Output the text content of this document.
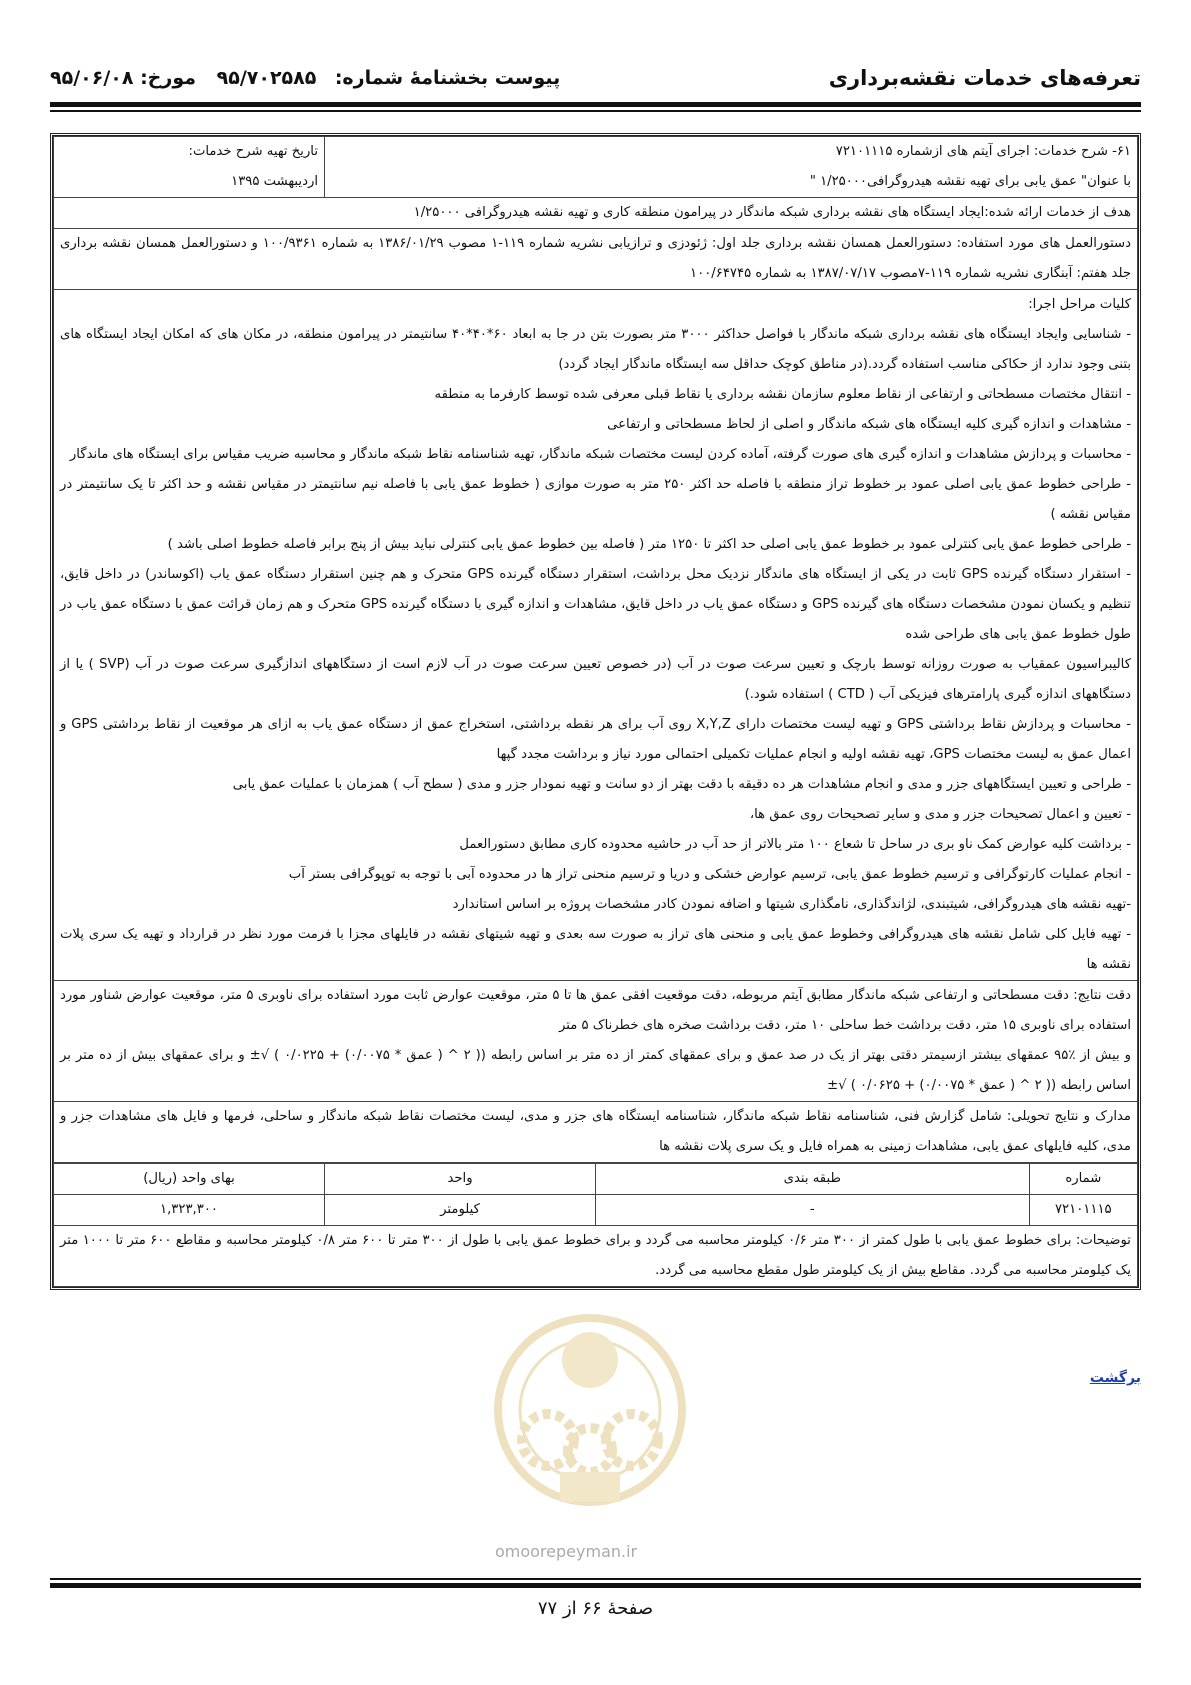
تعرفه‌های خدمات نقشه‌برداری
پیوست بخشنامهٔ شماره:
۹۵/۷۰۲۵۸۵ مورخ: ۹۵/۰۶/۰۸

۶۱- شرح خدمات: اجرای آیتم های ازشماره ۷۲۱۰۱۱۱۵

با عنوان" عمق یابی برای تهیه نقشه هیدروگرافی۱/۲۵۰۰۰ "

تاریخ تهیه شرح خدمات:

اردیبهشت ۱۳۹۵

هدف از خدمات ارائه شده:ایجاد ایستگاه های نقشه برداری شبکه ماندگار در پیرامون منطقه کاری و تهیه نقشه هیدروگرافی ۱/۲۵۰۰۰
دستورالعمل های مورد استفاده: دستورالعمل همسان نقشه برداری جلد اول: ژئودزی و ترازیابی نشریه شماره ۱۱۹-۱ مصوب ۱۳۸۶/۰۱/۲۹ به شماره ۱۰۰/۹۳۶۱ و دستورالعمل همسان نقشه برداری جلد هفتم: آبنگاری نشریه شماره ۱۱۹-۷مصوب ۱۳۸۷/۰۷/۱۷ به شماره ۱۰۰/۶۴۷۴۵

کلیات مراحل اجرا:

- شناسایی وایجاد ایستگاه های نقشه برداری شبکه ماندگار با فواصل حداکثر ۳۰۰۰ متر بصورت بتن در جا به ابعاد ۶۰*۴۰*۴۰ سانتیمتر در پیرامون منطقه، در مکان های که امکان ایجاد ایستگاه های بتنی وجود ندارد از حکاکی مناسب استفاده گردد.(در مناطق کوچک حداقل سه ایستگاه ماندگار ایجاد گردد)

- انتقال مختصات مسطحاتی و ارتفاعی از نقاط معلوم سازمان نقشه برداری یا نقاط قبلی معرفی شده توسط کارفرما به منطقه

- مشاهدات و اندازه گیری کلیه ایستگاه های شبکه ماندگار و اصلی از لحاظ مسطحاتی و ارتفاعی

- محاسبات و پردازش مشاهدات و اندازه گیری های صورت گرفته، آماده کردن لیست مختصات شبکه ماندگار، تهیه شناسنامه نقاط شبکه ماندگار و محاسبه ضریب مقیاس برای ایستگاه های ماندگار

- طراحی خطوط عمق یابی اصلی عمود بر خطوط تراز منطقه با فاصله حد اکثر ۲۵۰ متر به صورت موازی ( خطوط عمق یابی با فاصله نیم سانتیمتر در مقیاس نقشه و حد اکثر تا یک سانتیمتر در مقیاس نقشه )

- طراحی خطوط عمق یابی کنترلی عمود بر خطوط عمق یابی اصلی حد اکثر تا ۱۲۵۰ متر ( فاصله بین خطوط عمق یابی کنترلی نباید بیش از پنج برابر فاصله خطوط اصلی باشد )

- استقرار دستگاه گیرنده GPS ثابت در یکی از ایستگاه های ماندگار نزدیک محل برداشت، استقرار دستگاه گیرنده GPS متحرک و هم چنین استقرار دستگاه عمق یاب (اکوساندر) در داخل قایق، تنظیم و یکسان نمودن مشخصات دستگاه های گیرنده GPS و دستگاه عمق یاب در داخل قایق، مشاهدات و اندازه گیری با دستگاه گیرنده GPS متحرک و هم زمان قرائت عمق با دستگاه عمق یاب در طول خطوط عمق یابی های طراحی شده

کالیبراسیون عمقیاب به صورت روزانه توسط بارچک و تعیین سرعت صوت در آب (در خصوص تعیین سرعت صوت در آب لازم است از دستگاههای اندازگیری سرعت صوت در آب (SVP ) یا از دستگاههای اندازه گیری پارامترهای فیزیکی آب ( CTD ) استفاده شود.)

- محاسبات و پردازش نقاط برداشتی GPS و تهیه لیست مختصات دارای X,Y,Z روی آب برای هر نقطه برداشتی، استخراج عمق از دستگاه عمق یاب به ازای هر موقعیت از نقاط برداشتی GPS و اعمال عمق به لیست مختصات GPS، تهیه نقشه اولیه و انجام عملیات تکمیلی احتمالی مورد نیاز و برداشت مجدد گپها

- طراحی و تعیین ایستگاههای جزر و مدی و انجام مشاهدات هر ده دقیقه با دقت بهتر از دو سانت و تهیه نمودار جزر و مدی ( سطح آب ) همزمان با عملیات عمق یابی

- تعیین و اعمال تصحیحات جزر و مدی و سایر تصحیحات روی عمق ها،

- برداشت کلیه عوارض کمک ناو بری در ساحل تا شعاع ۱۰۰ متر بالاتر از حد آب در حاشیه محدوده کاری مطابق دستورالعمل

- انجام عملیات کارتوگرافی و ترسیم خطوط عمق یابی، ترسیم عوارض خشکی و دریا و ترسیم منحنی تراز ها در محدوده آبی با توجه به توپوگرافی بستر آب

-تهیه نقشه های هیدروگرافی، شیتبندی، لژاندگذاری، نامگذاری شیتها و اضافه نمودن کادر مشخصات پروژه بر اساس استاندارد

- تهیه فایل کلی شامل نقشه های هیدروگرافی وخطوط عمق یابی و منحنی های تراز به صورت سه بعدی و تهیه شیتهای نقشه در فایلهای مجزا با فرمت مورد نظر در قرارداد و تهیه یک سری پلات نقشه ها

دقت نتایج: دقت مسطحاتی و ارتفاعی شبکه ماندگار مطابق آیتم مربوطه، دقت موقعیت افقی عمق ها تا ۵ متر، موقعیت عوارض ثابت مورد استفاده برای ناوبری ۵ متر، موقعیت عوارض شناور مورد استفاده برای ناوبری ۱۵ متر، دقت برداشت خط ساحلی ۱۰ متر، دقت برداشت صخره های خطرناک ۵ متر

و بیش از ٪۹۵ عمقهای بیشتر ازسیمتر دقتی بهتر از یک در صد عمق و برای عمقهای کمتر از ده متر بر اساس رابطه (( ۲ ^ ( عمق * ۰/۰۰۷۵) + ۰/۰۲۲۵ ) √± و برای عمقهای بیش از ده متر بر اساس رابطه (( ۲ ^ ( عمق * ۰/۰۰۷۵) + ۰/۰۶۲۵ ) √±

مدارک و نتایج تحویلی: شامل گزارش فنی، شناسنامه نقاط شبکه ماندگار، شناسنامه ایستگاه های جزر و مدی، لیست مختصات نقاط شبکه ماندگار و ساحلی، فرمها و فایل های مشاهدات جزر و مدی، کلیه فایلهای عمق یابی، مشاهدات زمینی به همراه فایل و یک سری پلات نقشه ها
شماره	طبقه بندی	واحد	بهای واحد (ریال)
۷۲۱۰۱۱۱۵	-	کیلومتر	۱,۳۲۳,۳۰۰
توضیحات: برای خطوط عمق یابی با طول کمتر از ۳۰۰ متر ۰/۶ کیلومتر محاسبه می گردد و برای خطوط عمق یابی با طول از ۳۰۰ متر تا ۶۰۰ متر ۰/۸ کیلومتر محاسبه و مقاطع ۶۰۰ متر تا ۱۰۰۰ متر یک کیلومتر محاسبه می گردد. مقاطع بیش از یک کیلومتر طول مقطع محاسبه می گردد.			
برگشت
omoorepeyman.ir
صفحهٔ ۶۶ از ۷۷
